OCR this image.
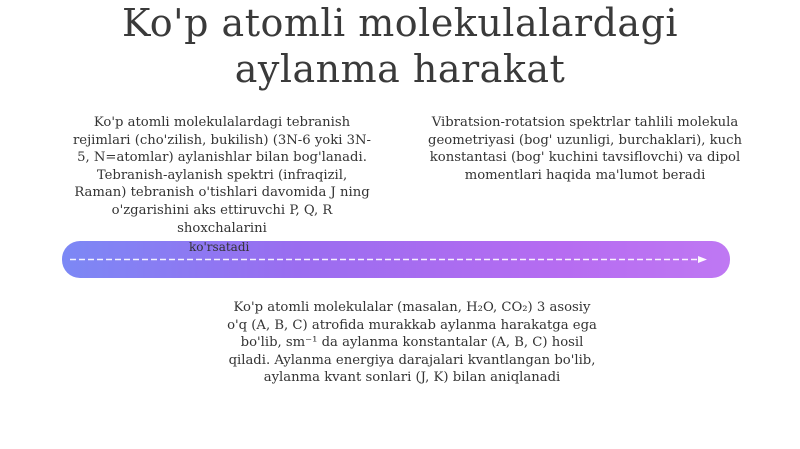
Ko'p atomli molekulalardagi
aylanma harakat
Ko'p atomli molekulalardagi tebranish rejimlari (cho'zilish, bukilish) (3N-6 yoki 3N-5, N=atomlar) aylanishlar bilan bog'lanadi. Tebranish-aylanish spektri (infraqizil, Raman) tebranish o'tishlari davomida J ning o'zgarishini aks ettiruvchi P, Q, R shoxchalarini
Vibratsion-rotatsion spektrlar tahlili molekula geometriyasi (bog' uzunligi, burchaklari), kuch konstantasi (bog' kuchini tavsiflovchi) va dipol momentlari haqida ma'lumot beradi
ko'rsatadi
Ko'p atomli molekulalar (masalan, H₂O, CO₂) 3 asosiy o'q (A, B, C) atrofida murakkab aylanma harakatga ega bo'lib, sm⁻¹ da aylanma konstantalar (A, B, C) hosil qiladi. Aylanma energiya darajalari kvantlangan bo'lib, aylanma kvant sonlari (J, K) bilan aniqlanadi
